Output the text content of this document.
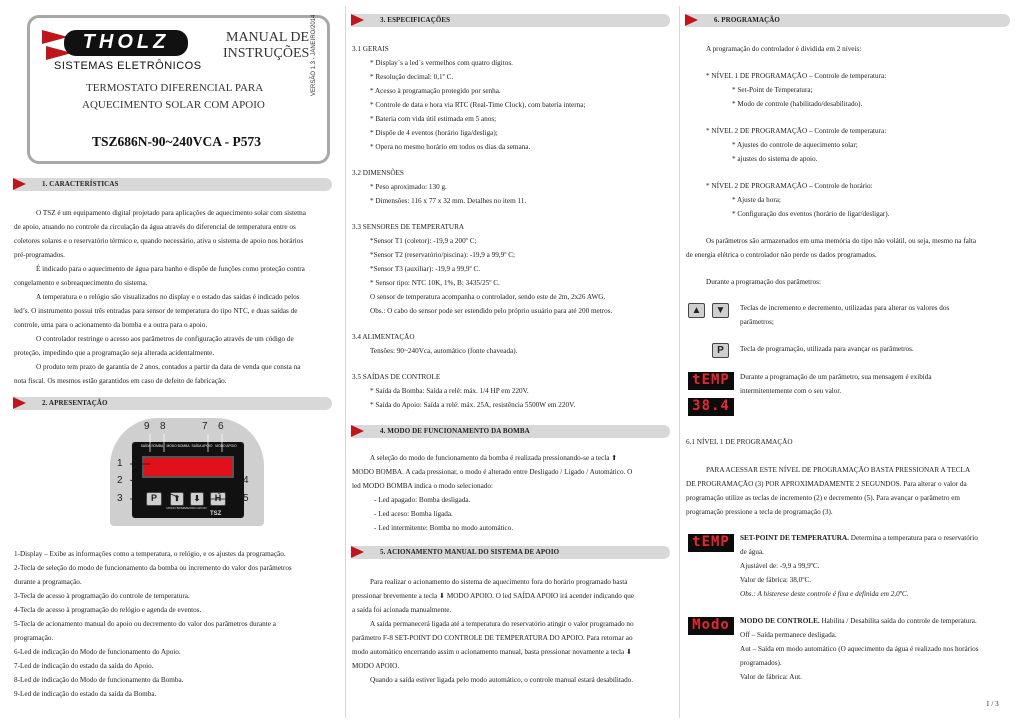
THOLZ
SISTEMAS ELETRÔNICOS
MANUAL DE
INSTRUÇÕES
TERMOSTATO DIFERENCIAL PARA
AQUECIMENTO SOLAR COM APOIO
TSZ686N-90~240VCA - P573
VERSÃO 1.3 - JANEIRO/2014
1. CARACTERÍSTICAS
O TSZ é um equipamento digital projetado para aplicações de aquecimento solar com sistema
de apoio, atuando no controle da circulação da água através do diferencial de temperatura entre os
coletores solares e o reservatório térmico e, quando necessário, ativa o sistema de apoio nos horários
pré-programados.
É indicado para o aquecimento de água para banho e dispõe de funções como proteção contra
congelamento e sobreaquecimento do sistema.
A temperatura e o relógio são visualizados no display e o estado das saídas é indicado pelos
led’s. O instrumento possui três entradas para sensor de temperatura do tipo NTC, e duas saídas de
controle, uma para o acionamento da bomba e a outra para o apoio.
O controlador restringe o acesso aos parâmetros de configuração através de um código de
proteção, impedindo que a programação seja alterada acidentalmente.
O produto tem prazo de garantia de 2 anos, contados a partir da data de venda que consta na
nota fiscal. Os mesmos estão garantidos em caso de defeito de fabricação.
2. APRESENTAÇÃO
SAÍDA SOMBA MODO BOMBA SAÍDA APOIO MODO APOIO
P	⬆	⬇	H
MODO BOMBA MODO APOIO
TSZ
9 8	7 6
1
2
3
4
5
1-Display – Exibe as informações como a temperatura, o relógio, e os ajustes da programação.
2-Tecla de seleção do modo de funcionamento da bomba ou incremento do valor dos parâmetros
durante a programação.
3-Tecla de acesso à programação do controle de temperatura.
4-Tecla de acesso à programação do relógio e agenda de eventos.
5-Tecla de acionamento manual do apoio ou decremento do valor dos parâmetros durante a
programação.
6-Led de indicação do Modo de funcionamento do Apoio.
7-Led de indicação do estado da saída do Apoio.
8-Led de indicação do Modo de funcionamento da Bomba.
9-Led de indicação do estado da saída da Bomba.
3. ESPECIFICAÇÕES
3.1 GERAIS
* Display´s a led´s vermelhos com quatro dígitos.
* Resolução decimal: 0,1º C.
* Acesso à programação protegido por senha.
* Controle de data e hora via RTC (Real-Time Clock), com bateria interna;
* Bateria com vida útil estimada em 5 anos;
* Dispõe de 4 eventos (horário liga/desliga);
* Opera no mesmo horário em todos os dias da semana.
3.2 DIMENSÕES
* Peso aproximado: 130 g.
* Dimensões: 116 x 77 x 32 mm. Detalhes no item 11.
3.3 SENSORES DE TEMPERATURA
*Sensor T1 (coletor): -19,9 a 200º C;
*Sensor T2 (reservatório/piscina): -19,9 a 99,9º C;
*Sensor T3 (auxiliar): -19,9 a 99,9º C.
* Sensor tipo: NTC 10K, 1%, B: 3435/25º C.
O sensor de temperatura acompanha o controlador, sendo este de 2m, 2x26 AWG.
Obs.: O cabo do sensor pode ser estendido pelo próprio usuário para até 200 metros.
3.4 ALIMENTAÇÃO
Tensões: 90~240Vca, automático (fonte chaveada).
3.5 SAÍDAS DE CONTROLE
* Saída da Bomba: Saída a relé: máx. 1/4 HP em 220V.
* Saída do Apoio: Saída a relé: máx. 25A, resistência 5500W em 220V.
4. MODO DE FUNCIONAMENTO DA BOMBA
A seleção do modo de funcionamento da bomba é realizada pressionando-se a tecla ⬆
MODO BOMBA. A cada pressionar, o modo é alterado entre Desligado / Ligado / Automático. O
led MODO BOMBA indica o modo selecionado:
- Led apagado: Bomba desligada.
- Led aceso: Bomba ligada.
- Led intermitente: Bomba no modo automático.
5. ACIONAMENTO MANUAL DO SISTEMA DE APOIO
Para realizar o acionamento do sistema de aquecimento fora do horário programado basta
pressionar brevemente a tecla ⬇ MODO APOIO. O led SAÍDA APOIO irá acender indicando que
a saída foi acionada manualmente.
A saída permanecerá ligada até a temperatura do reservatório atingir o valor programado no
parâmetro F-8 SET-POINT DO CONTROLE DE TEMPERATURA DO APOIO. Para retornar ao
modo automático encerrando assim o acionamento manual, basta pressionar novamente a tecla ⬇
MODO APOIO.
Quando a saída estiver ligada pelo modo automático, o controle manual estará desabilitado.
6. PROGRAMAÇÃO
A programação do controlador é dividida em 2 níveis:
* NÍVEL 1 DE PROGRAMAÇÃO – Controle de temperatura:
* Set-Point de Temperatura;
* Modo de controle (habilitado/desabilitado).
* NÍVEL 2 DE PROGRAMAÇÃO – Controle de temperatura:
* Ajustes do controle de aquecimento solar;
* ajustes do sistema de apoio.
* NÍVEL 2 DE PROGRAMAÇÃO – Controle de horário:
* Ajuste da hora;
* Configuração dos eventos (horário de ligar/desligar).
Os parâmetros são armazenados em uma memória do tipo não volátil, ou seja, mesmo na falta
de energia elétrica o controlador não perde os dados programados.
Durante a programação dos parâmetros:
▲	▼	Teclas de incremento e decremento, utilizadas para alterar os valores dos
parâmetros;
P	Tecla de programação, utilizada para avançar os parâmetros.
tEMP
38.4
Durante a programação de um parâmetro, sua mensagem é exibida
intermitentemente com o seu valor.
6.1 NÍVEL 1 DE PROGRAMAÇÃO
PARA ACESSAR ESTE NÍVEL DE PROGRAMAÇÃO BASTA PRESSIONAR A TECLA
DE PROGRAMAÇÃO (3) POR APROXIMADAMENTE 2 SEGUNDOS. Para alterar o valor da
programação utilize as teclas de incremento (2) e decremento (5). Para avançar o parâmetro em
programação pressione a tecla de programação (3).
tEMP	SET-POINT DE TEMPERATURA. Determina a temperatura para o reservatório
de água.
Ajustável de: -9,9 a 99,9ºC.
Valor de fábrica: 38,0ºC.
Obs.: A histerese deste controle é fixa e definida em 2,0ºC.
Modo	MODO DE CONTROLE. Habilita / Desabilita saída do controle de temperatura.
Off – Saída permanece desligada.
Aut – Saída em modo automático (O aquecimento da água é realizado nos horários
programados).
Valor de fábrica: Aut.
1 / 3
